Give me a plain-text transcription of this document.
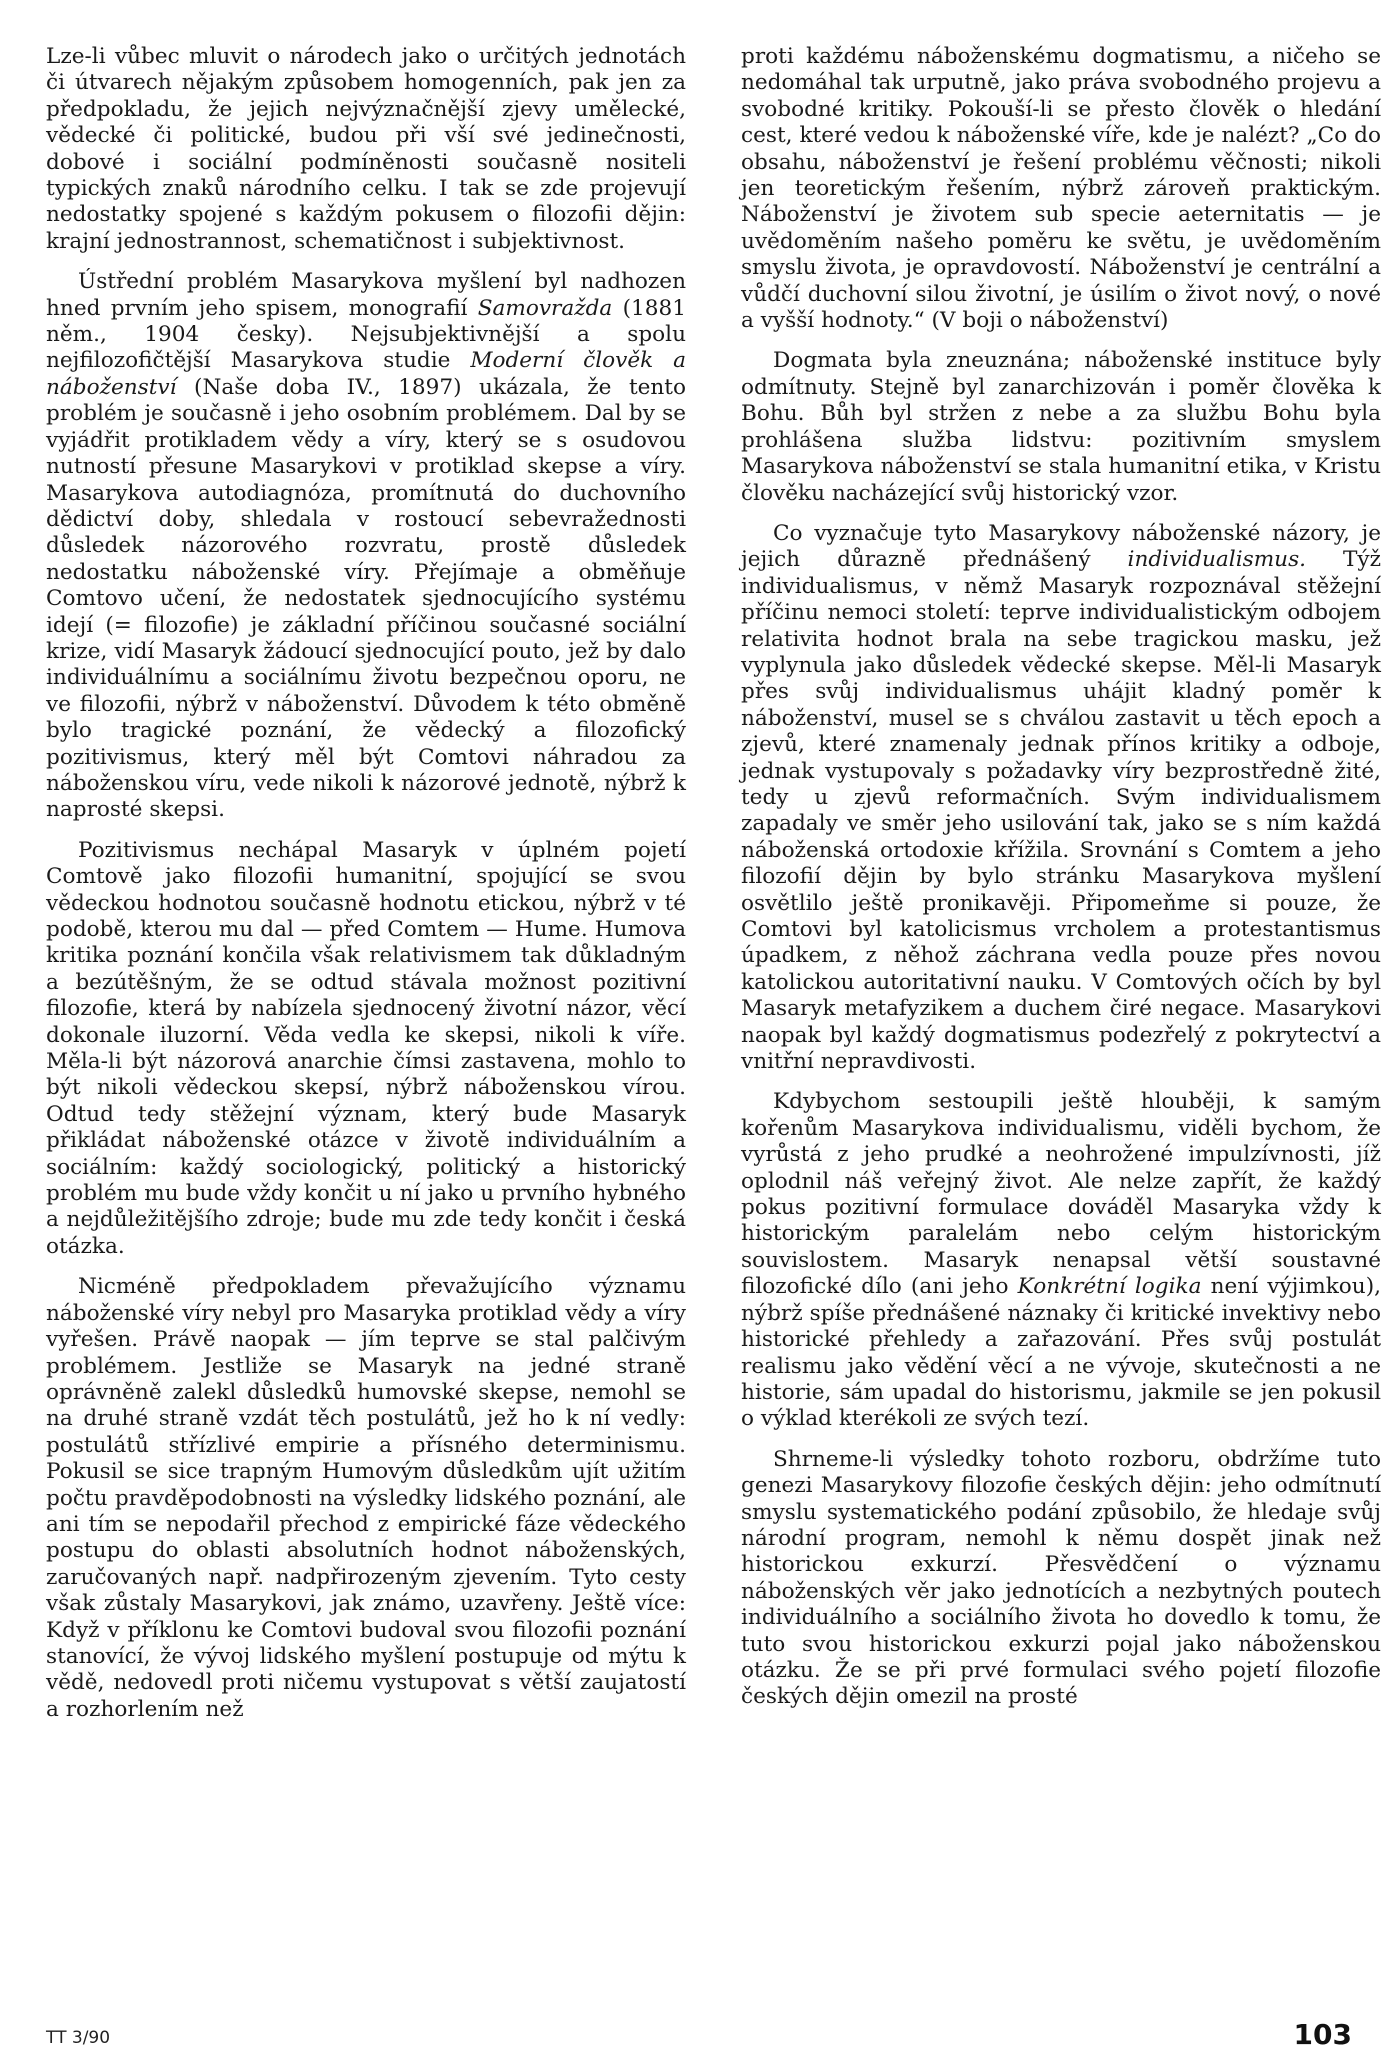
Lze-li vůbec mluvit o národech jako o určitých jednotách či útvarech nějakým způsobem homogenních, pak jen za předpokladu, že jejich nejvýznačnější zjevy umělecké, vědecké či politické, budou při vší své jedinečnosti, dobové i sociální podmíněnosti současně nositeli typických znaků národního celku. I tak se zde projevují nedostatky spojené s každým pokusem o filozofii dějin: krajní jednostrannost, schematičnost i subjektivnost.

Ústřední problém Masarykova myšlení byl nadhozen hned prvním jeho spisem, monografií Samovražda (1881 něm., 1904 česky). Nejsubjektivnější a spolu nejfilozofičtější Masarykova studie Moderní člověk a náboženství (Naše doba IV., 1897) ukázala, že tento problém je současně i jeho osobním problémem. Dal by se vyjádřit protikladem vědy a víry, který se s osudovou nutností přesune Masarykovi v protiklad skepse a víry. Masarykova autodiagnóza, promítnutá do duchovního dědictví doby, shledala v rostoucí sebevražednosti důsledek názorového rozvratu, prostě důsledek nedostatku náboženské víry. Přejímaje a obměňuje Comtovo učení, že nedostatek sjednocujícího systému idejí (= filozofie) je základní příčinou současné sociální krize, vidí Masaryk žádoucí sjednocující pouto, jež by dalo individuálnímu a sociálnímu životu bezpečnou oporu, ne ve filozofii, nýbrž v náboženství. Důvodem k této obměně bylo tragické poznání, že vědecký a filozofický pozitivismus, který měl být Comtovi náhradou za náboženskou víru, vede nikoli k názorové jednotě, nýbrž k naprosté skepsi.

Pozitivismus nechápal Masaryk v úplném pojetí Comtově jako filozofii humanitní, spojující se svou vědeckou hodnotou současně hodnotu etickou, nýbrž v té podobě, kterou mu dal — před Comtem — Hume. Humova kritika poznání končila však relativismem tak důkladným a bezútěšným, že se odtud stávala možnost pozitivní filozofie, která by nabízela sjednocený životní názor, věcí dokonale iluzorní. Věda vedla ke skepsi, nikoli k víře. Měla-li být názorová anarchie čímsi zastavena, mohlo to být nikoli vědeckou skepsí, nýbrž náboženskou vírou. Odtud tedy stěžejní význam, který bude Masaryk přikládat náboženské otázce v životě individuálním a sociálním: každý sociologický, politický a historický problém mu bude vždy končit u ní jako u prvního hybného a nejdůležitějšího zdroje; bude mu zde tedy končit i česká otázka.

Nicméně předpokladem převažujícího významu náboženské víry nebyl pro Masaryka protiklad vědy a víry vyřešen. Právě naopak — jím teprve se stal palčivým problémem. Jestliže se Masaryk na jedné straně oprávněně zalekl důsledků humovské skepse, nemohl se na druhé straně vzdát těch postulátů, jež ho k ní vedly: postulátů střízlivé empirie a přísného determinismu. Pokusil se sice trapným Humovým důsledkům ujít užitím počtu pravděpodobnosti na výsledky lidského poznání, ale ani tím se nepodařil přechod z empirické fáze vědeckého postupu do oblasti absolutních hodnot náboženských, zaručovaných např. nadpřirozeným zjevením. Tyto cesty však zůstaly Masarykovi, jak známo, uzavřeny. Ještě více: Když v příklonu ke Comtovi budoval svou filozofii poznání stanovící, že vývoj lidského myšlení postupuje od mýtu k vědě, nedovedl proti ničemu vystupovat s větší zaujatostí a rozhorlením než

proti každému náboženskému dogmatismu, a ničeho se nedomáhal tak urputně, jako práva svobodného projevu a svobodné kritiky. Pokouší-li se přesto člověk o hledání cest, které vedou k náboženské víře, kde je nalézt? „Co do obsahu, náboženství je řešení problému věčnosti; nikoli jen teoretickým řešením, nýbrž zároveň praktickým. Náboženství je životem sub specie aeternitatis — je uvědoměním našeho poměru ke světu, je uvědoměním smyslu života, je opravdovostí. Náboženství je centrální a vůdčí duchovní silou životní, je úsilím o život nový, o nové a vyšší hodnoty.“ (V boji o náboženství)

Dogmata byla zneuznána; náboženské instituce byly odmítnuty. Stejně byl zanarchizován i poměr člověka k Bohu. Bůh byl stržen z nebe a za službu Bohu byla prohlášena služba lidstvu: pozitivním smyslem Masarykova náboženství se stala humanitní etika, v Kristu člověku nacházející svůj historický vzor.

Co vyznačuje tyto Masarykovy náboženské názory, je jejich důrazně přednášený individualismus. Týž individualismus, v němž Masaryk rozpoznával stěžejní příčinu nemoci století: teprve individualistickým odbojem relativita hodnot brala na sebe tragickou masku, jež vyplynula jako důsledek vědecké skepse. Měl-li Masaryk přes svůj individualismus uhájit kladný poměr k náboženství, musel se s chválou zastavit u těch epoch a zjevů, které znamenaly jednak přínos kritiky a odboje, jednak vystupovaly s požadavky víry bezprostředně žité, tedy u zjevů reformačních. Svým individualismem zapadaly ve směr jeho usilování tak, jako se s ním každá náboženská ortodoxie křížila. Srovnání s Comtem a jeho filozofií dějin by bylo stránku Masarykova myšlení osvětlilo ještě pronikavěji. Připomeňme si pouze, že Comtovi byl katolicismus vrcholem a protestantismus úpadkem, z něhož záchrana vedla pouze přes novou katolickou autoritativní nauku. V Comtových očích by byl Masaryk metafyzikem a duchem čiré negace. Masarykovi naopak byl každý dogmatismus podezřelý z pokrytectví a vnitřní nepravdivosti.

Kdybychom sestoupili ještě hlouběji, k samým kořenům Masarykova individualismu, viděli bychom, že vyrůstá z jeho prudké a neohrožené impulzívnosti, jíž oplodnil náš veřejný život. Ale nelze zapřít, že každý pokus pozitivní formulace dováděl Masaryka vždy k historickým paralelám nebo celým historickým souvislostem. Masaryk nenapsal větší soustavné filozofické dílo (ani jeho Konkrétní logika není výjimkou), nýbrž spíše přednášené náznaky či kritické invektivy nebo historické přehledy a zařazování. Přes svůj postulát realismu jako vědění věcí a ne vývoje, skutečnosti a ne historie, sám upadal do historismu, jakmile se jen pokusil o výklad kterékoli ze svých tezí.

Shrneme-li výsledky tohoto rozboru, obdržíme tuto genezi Masarykovy filozofie českých dějin: jeho odmítnutí smyslu systematického podání způsobilo, že hledaje svůj národní program, nemohl k němu dospět jinak než historickou exkurzí. Přesvědčení o významu náboženských věr jako jednotících a nezbytných poutech individuálního a sociálního života ho dovedlo k tomu, že tuto svou historickou exkurzi pojal jako náboženskou otázku. Že se při prvé formulaci svého pojetí filozofie českých dějin omezil na prosté

TT 3/90	103
